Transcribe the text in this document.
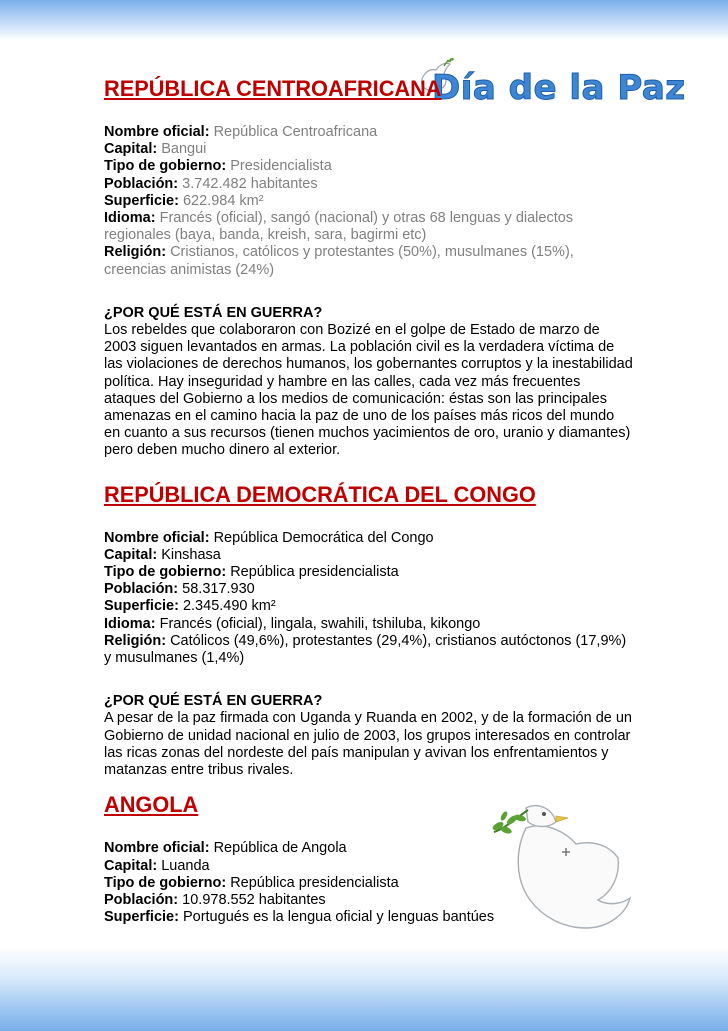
Día de la Paz
REPÚBLICA CENTROAFRICANA

Nombre oficial: República Centroafricana

Capital: Bangui

Tipo de gobierno: Presidencialista

Población: 3.742.482 habitantes

Superficie: 622.984 km²

Idioma: Francés (oficial), sangó (nacional) y otras 68 lenguas y dialectos regionales (baya, banda, kreish, sara, bagirmi etc)

Religión: Cristianos, católicos y protestantes (50%), musulmanes (15%), creencias animistas (24%)

¿POR QUÉ ESTÁ EN GUERRA?

Los rebeldes que colaboraron con Bozizé en el golpe de Estado de marzo de 2003 siguen levantados en armas. La población civil es la verdadera víctima de las violaciones de derechos humanos, los gobernantes corruptos y la inestabilidad política. Hay inseguridad y hambre en las calles, cada vez más frecuentes ataques del Gobierno a los medios de comunicación: éstas son las principales amenazas en el camino hacia la paz de uno de los países más ricos del mundo en cuanto a sus recursos (tienen muchos yacimientos de oro, uranio y diamantes) pero deben mucho dinero al exterior.

REPÚBLICA DEMOCRÁTICA DEL CONGO

Nombre oficial: República Democrática del Congo

Capital: Kinshasa

Tipo de gobierno: República presidencialista

Población: 58.317.930

Superficie: 2.345.490 km²

Idioma: Francés (oficial), lingala, swahili, tshiluba, kikongo

Religión: Católicos (49,6%), protestantes (29,4%), cristianos autóctonos (17,9%) y musulmanes (1,4%)

¿POR QUÉ ESTÁ EN GUERRA?

A pesar de la paz firmada con Uganda y Ruanda en 2002, y de la formación de un Gobierno de unidad nacional en julio de 2003, los grupos interesados en controlar las ricas zonas del nordeste del país manipulan y avivan los enfrentamientos y matanzas entre tribus rivales.

ANGOLA

Nombre oficial: República de Angola

Capital: Luanda

Tipo de gobierno: República presidencialista

Población: 10.978.552 habitantes

Superficie: Portugués es la lengua oficial y lenguas bantúes
